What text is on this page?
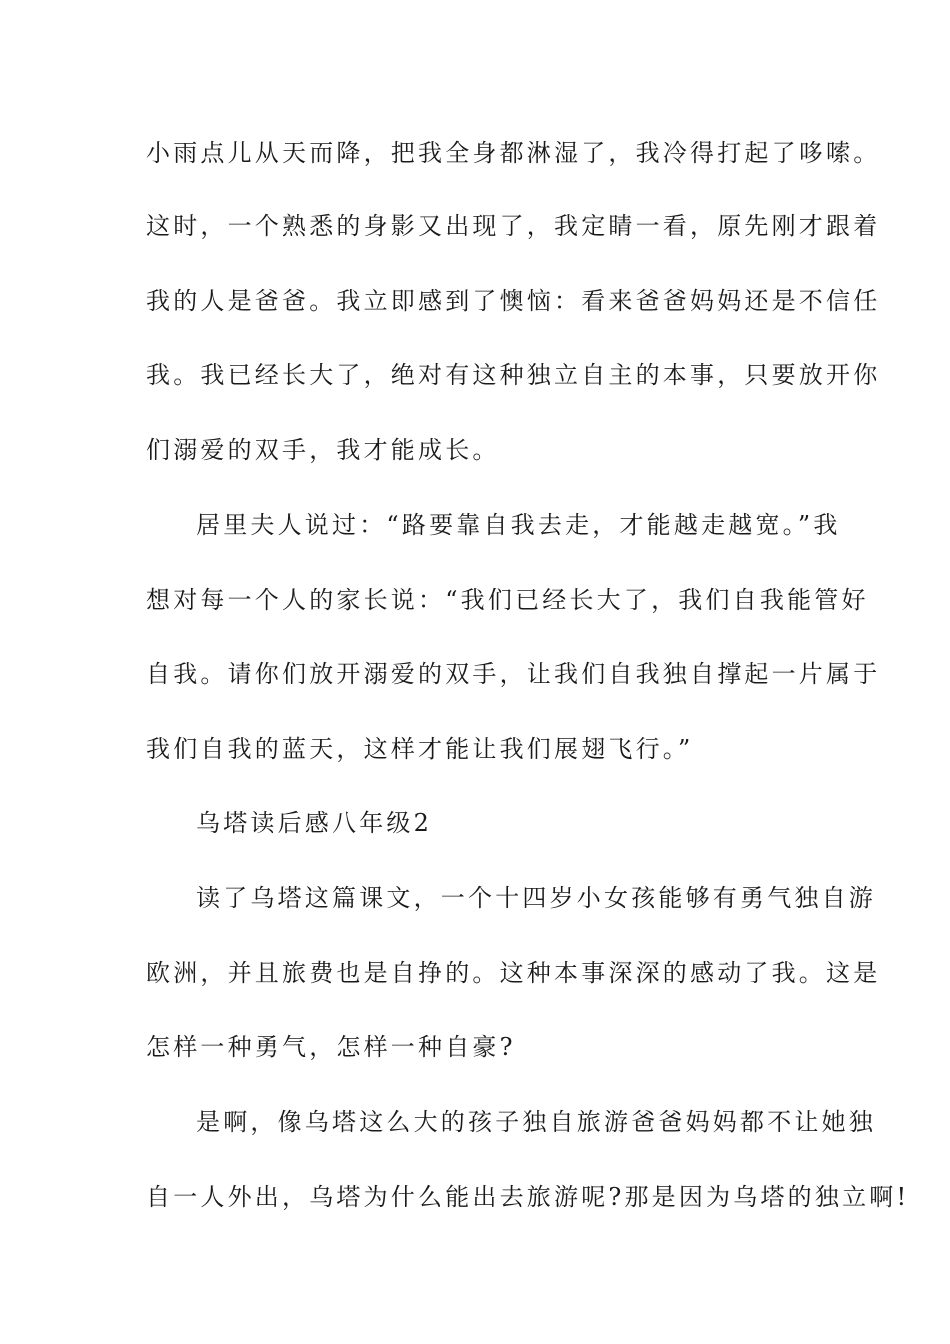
小雨点儿从天而降，把我全身都淋湿了，我冷得打起了哆嗦。
这时，一个熟悉的身影又出现了，我定睛一看，原先刚才跟着
我的人是爸爸。我立即感到了懊恼：看来爸爸妈妈还是不信任
我。我已经长大了，绝对有这种独立自主的本事，只要放开你
们溺爱的双手，我才能成长。
居里夫人说过：“路要靠自我去走，才能越走越宽。”我
想对每一个人的家长说：“我们已经长大了，我们自我能管好
自我。请你们放开溺爱的双手，让我们自我独自撑起一片属于
我们自我的蓝天，这样才能让我们展翅飞行。”
乌塔读后感八年级2
读了乌塔这篇课文，一个十四岁小女孩能够有勇气独自游
欧洲，并且旅费也是自挣的。这种本事深深的感动了我。这是
怎样一种勇气，怎样一种自豪?
是啊，像乌塔这么大的孩子独自旅游爸爸妈妈都不让她独
自一人外出，乌塔为什么能出去旅游呢?那是因为乌塔的独立啊!
